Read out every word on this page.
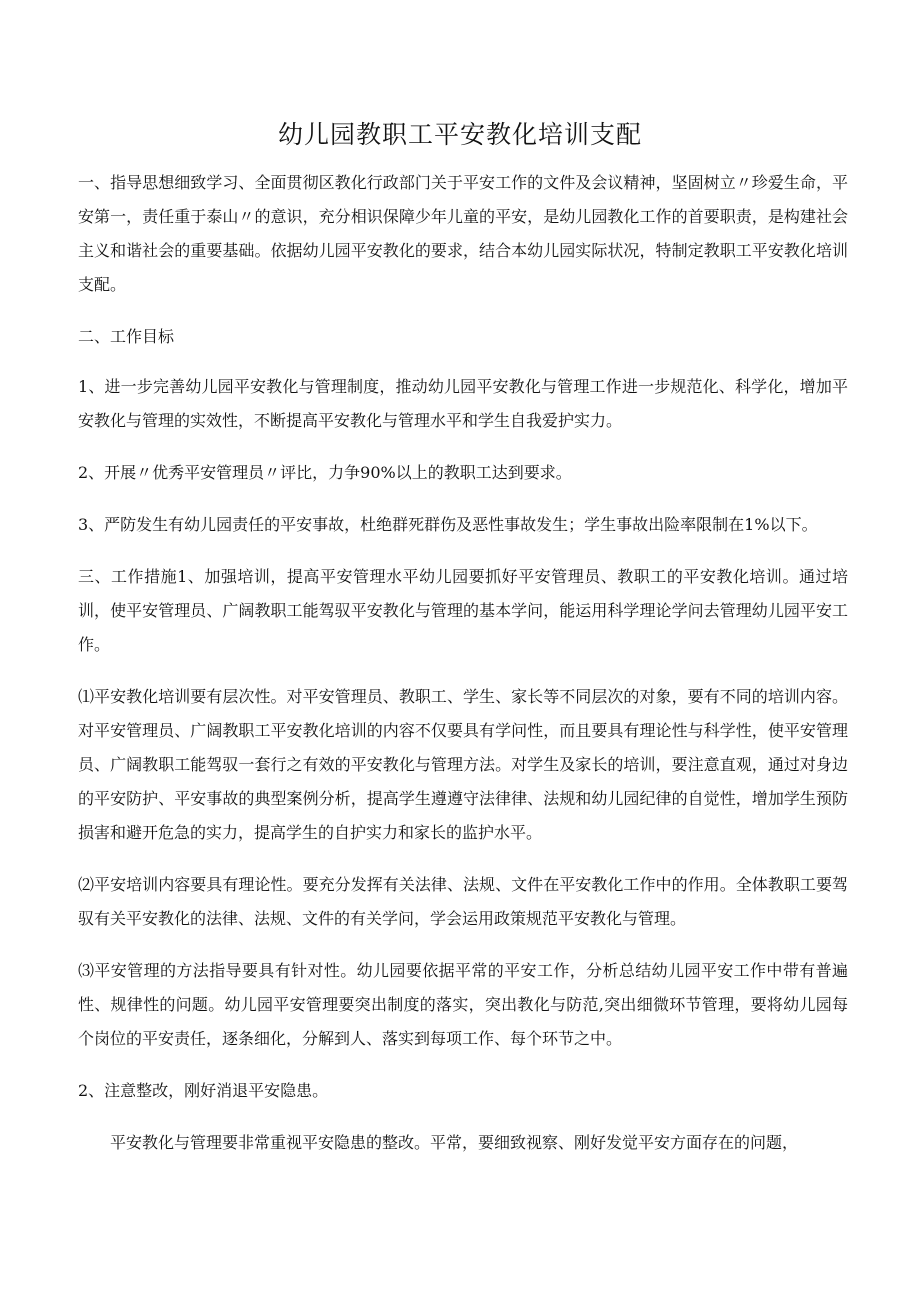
幼儿园教职工平安教化培训支配

一、指导思想细致学习、全面贯彻区教化行政部门关于平安工作的文件及会议精神，坚固树立〃珍爱生命，平安第一，责任重于泰山〃的意识，充分相识保障少年儿童的平安，是幼儿园教化工作的首要职责，是构建社会主义和谐社会的重要基础。依据幼儿园平安教化的要求，结合本幼儿园实际状况，特制定教职工平安教化培训支配。

二、工作目标

1、进一步完善幼儿园平安教化与管理制度，推动幼儿园平安教化与管理工作进一步规范化、科学化，增加平安教化与管理的实效性，不断提高平安教化与管理水平和学生自我爱护实力。

2、开展〃优秀平安管理员〃评比，力争90%以上的教职工达到要求。

3、严防发生有幼儿园责任的平安事故，杜绝群死群伤及恶性事故发生；学生事故出险率限制在1%以下。

三、工作措施1、加强培训，提高平安管理水平幼儿园要抓好平安管理员、教职工的平安教化培训。通过培训，使平安管理员、广阔教职工能驾驭平安教化与管理的基本学问，能运用科学理论学问去管理幼儿园平安工作。

⑴平安教化培训要有层次性。对平安管理员、教职工、学生、家长等不同层次的对象，要有不同的培训内容。对平安管理员、广阔教职工平安教化培训的内容不仅要具有学问性，而且要具有理论性与科学性，使平安管理员、广阔教职工能驾驭一套行之有效的平安教化与管理方法。对学生及家长的培训，要注意直观，通过对身边的平安防护、平安事故的典型案例分析，提高学生遵遵守法律律、法规和幼儿园纪律的自觉性，增加学生预防损害和避开危急的实力，提高学生的自护实力和家长的监护水平。

⑵平安培训内容要具有理论性。要充分发挥有关法律、法规、文件在平安教化工作中的作用。全体教职工要驾驭有关平安教化的法律、法规、文件的有关学问，学会运用政策规范平安教化与管理。

⑶平安管理的方法指导要具有针对性。幼儿园要依据平常的平安工作，分析总结幼儿园平安工作中带有普遍性、规律性的问题。幼儿园平安管理要突出制度的落实，突出教化与防范,突出细微环节管理，要将幼儿园每个岗位的平安责任，逐条细化，分解到人、落实到每项工作、每个环节之中。

2、注意整改，刚好消退平安隐患。

平安教化与管理要非常重视平安隐患的整改。平常，要细致视察、刚好发觉平安方面存在的问题，
